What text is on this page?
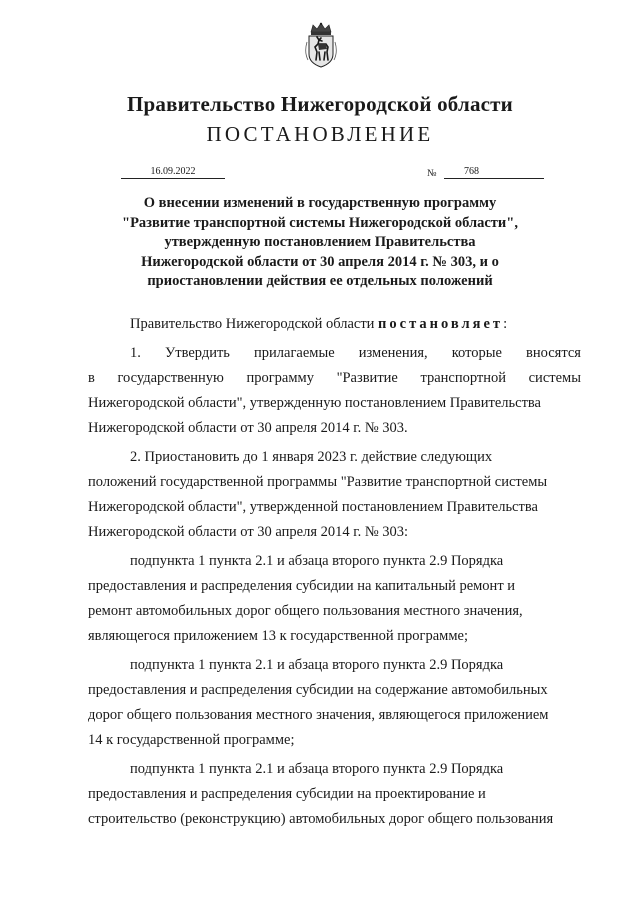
Правительство Нижегородской области
ПОСТАНОВЛЕНИЕ
16.09.2022	№	768
О внесении изменений в государственную программу
"Развитие транспортной системы Нижегородской области",
утвержденную постановлением Правительства
Нижегородской области от 30 апреля 2014 г. № 303, и о
приостановлении действия ее отдельных положений
Правительство Нижегородской области постановляет:
1. Утвердить прилагаемые изменения, которые вносятся
в государственную программу "Развитие транспортной системы
Нижегородской области", утвержденную постановлением Правительства
Нижегородской области от 30 апреля 2014 г. № 303.
2. Приостановить до 1 января 2023 г. действие следующих
положений государственной программы "Развитие транспортной системы
Нижегородской области", утвержденной постановлением Правительства
Нижегородской области от 30 апреля 2014 г. № 303:
подпункта 1 пункта 2.1 и абзаца второго пункта 2.9 Порядка
предоставления и распределения субсидии на капитальный ремонт и
ремонт автомобильных дорог общего пользования местного значения,
являющегося приложением 13 к государственной программе;
подпункта 1 пункта 2.1 и абзаца второго пункта 2.9 Порядка
предоставления и распределения субсидии на содержание автомобильных
дорог общего пользования местного значения, являющегося приложением
14 к государственной программе;
подпункта 1 пункта 2.1 и абзаца второго пункта 2.9 Порядка
предоставления и распределения субсидии на проектирование и
строительство (реконструкцию) автомобильных дорог общего пользования
